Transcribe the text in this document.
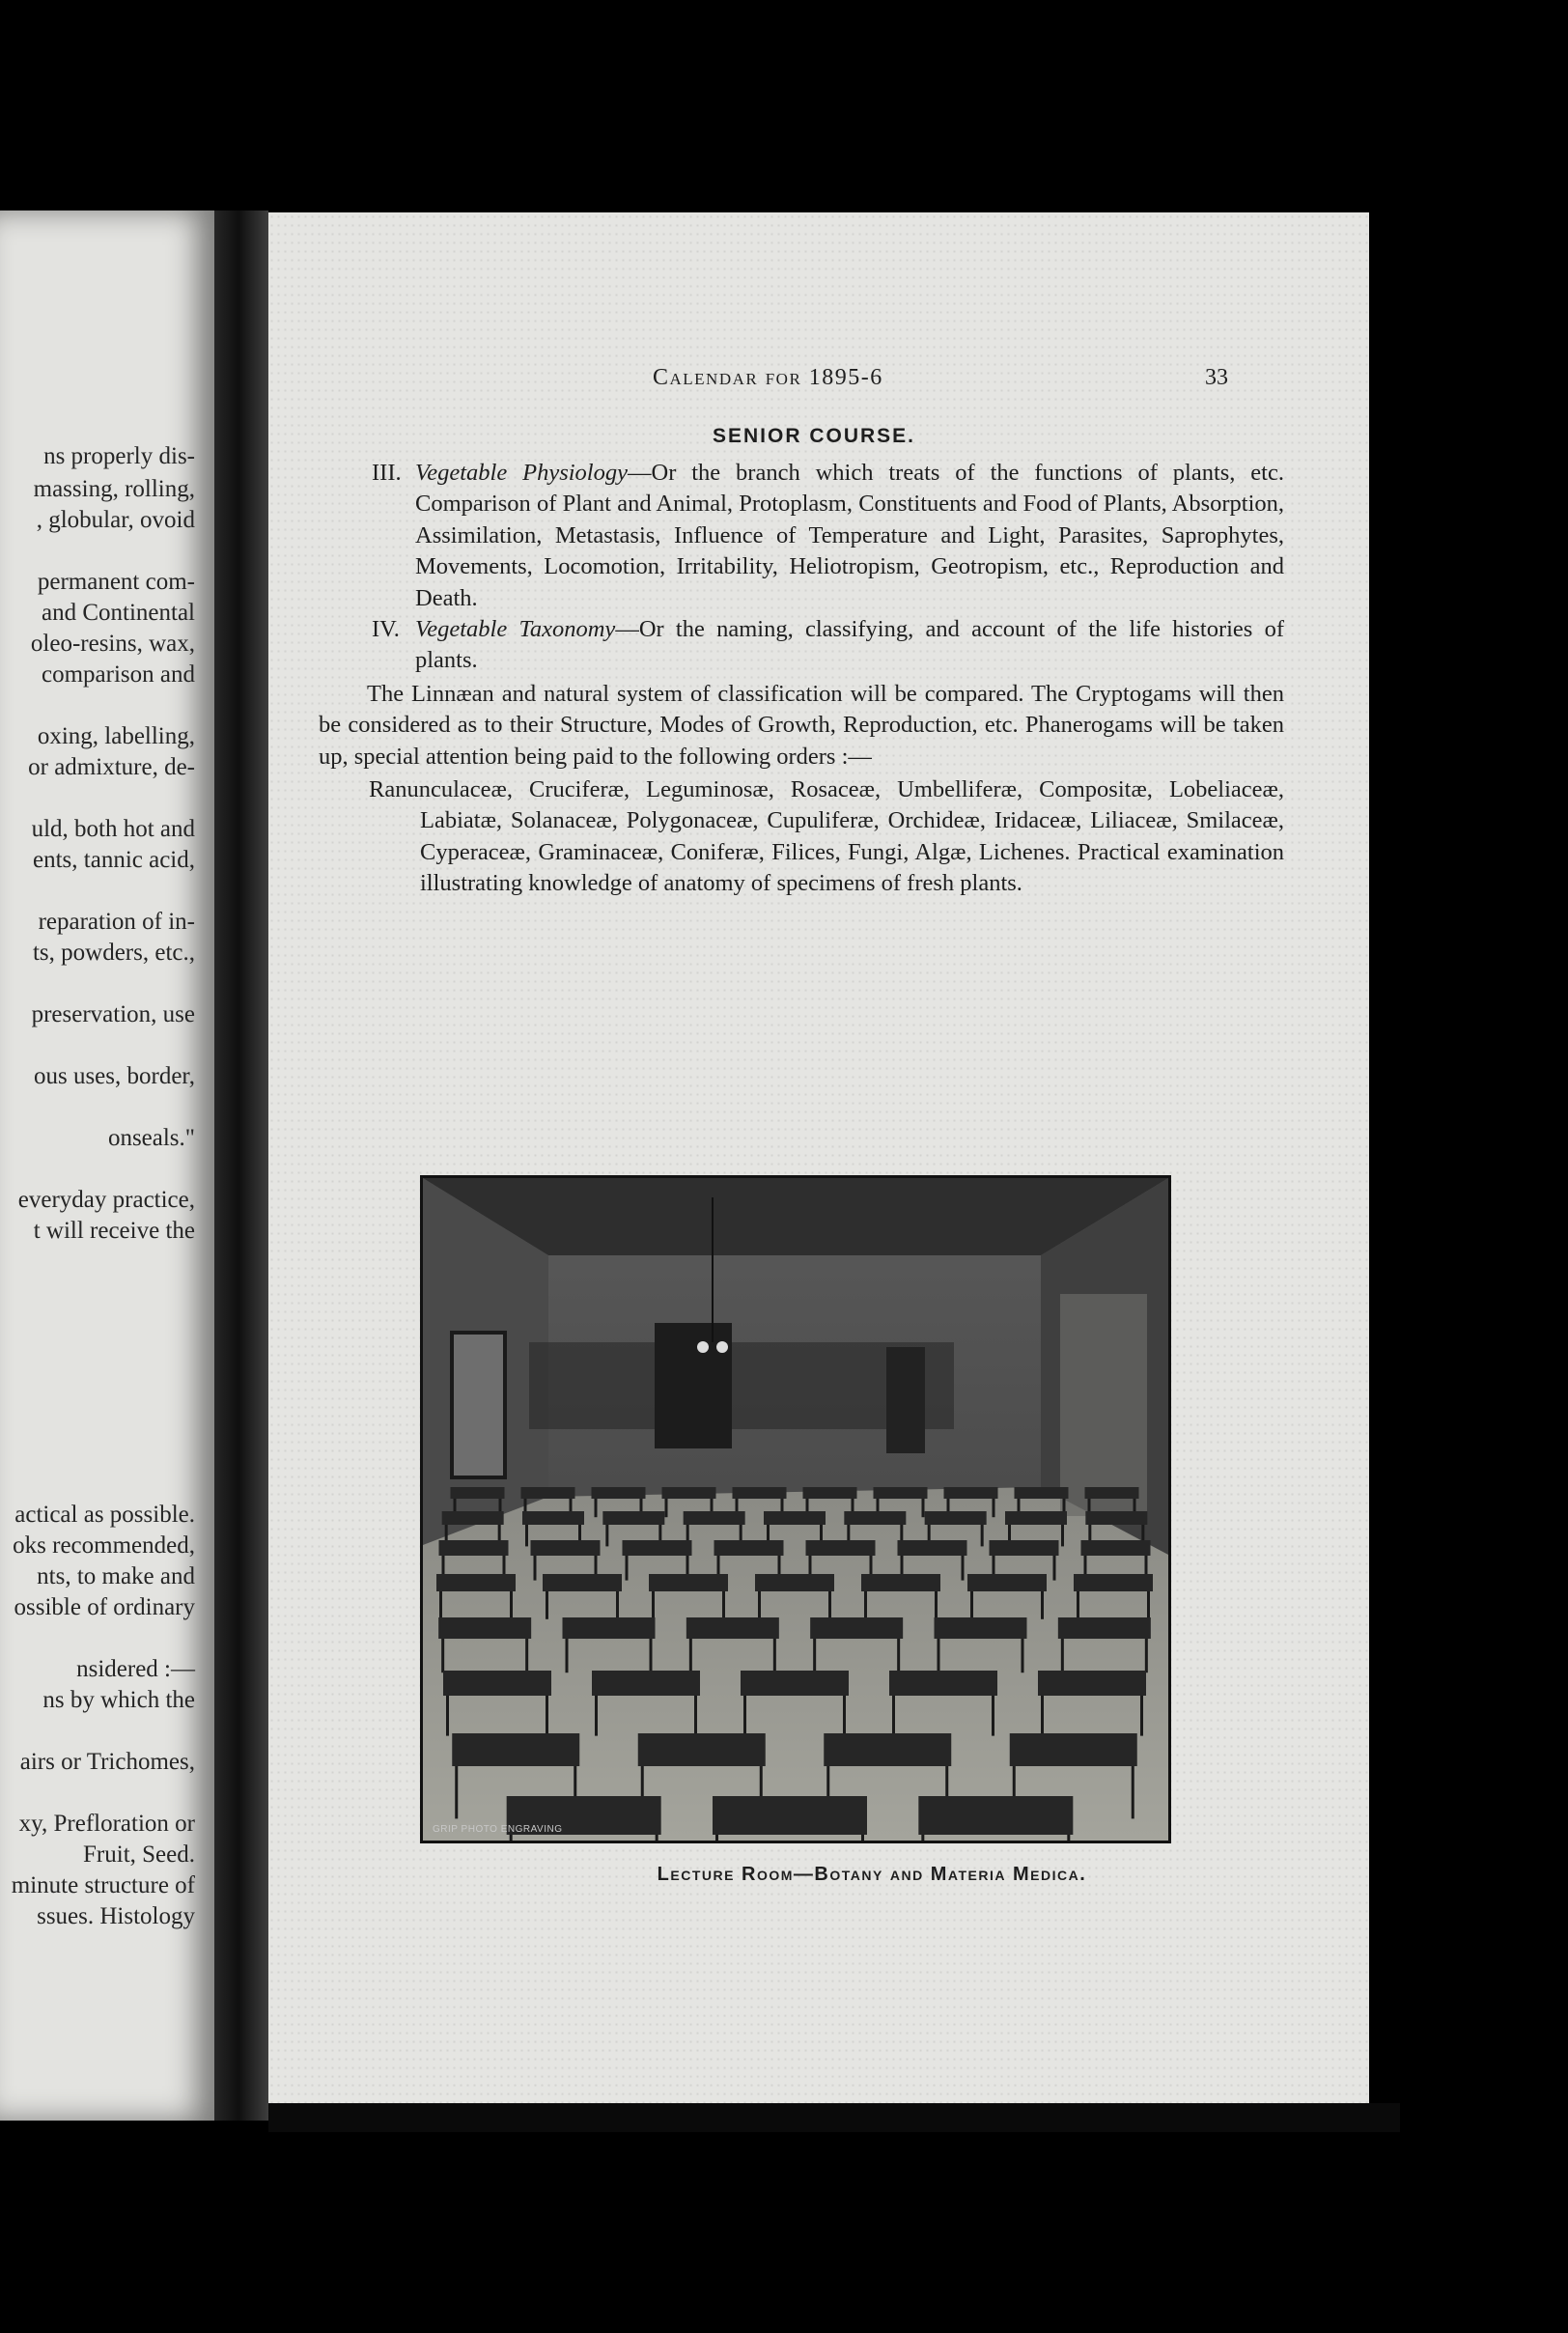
ns properly dis-
massing, rolling,
, globular, ovoid
permanent com-
and Continental
oleo-resins, wax,
comparison and
oxing, labelling,
or admixture, de-
uld, both hot and
ents, tannic acid,
reparation of in-
ts, powders, etc.,
preservation, use
ous uses, border,
onseals."
everyday practice,
t will receive the
actical as possible.
oks recommended,
nts, to make and
ossible of ordinary
nsidered :—
ns by which the
airs or Trichomes,
xy, Prefloration or
Fruit, Seed.
minute structure of
ssues. Histology
Calendar for 1895-6	33
SENIOR COURSE.
III. Vegetable Physiology—Or the branch which treats of the functions of plants, etc. Comparison of Plant and Animal, Protoplasm, Constituents and Food of Plants, Absorption, Assimilation, Metastasis, Influence of Temperature and Light, Parasites, Saprophytes, Movements, Locomotion, Irritability, Heliotropism, Geotropism, etc., Reproduction and Death.
IV. Vegetable Taxonomy—Or the naming, classifying, and account of the life histories of plants.
The Linnæan and natural system of classification will be compared. The Cryptogams will then be considered as to their Structure, Modes of Growth, Reproduction, etc. Phanerogams will be taken up, special attention being paid to the following orders :—
Ranunculaceæ, Cruciferæ, Leguminosæ, Rosaceæ, Umbelliferæ, Compositæ, Lobeliaceæ, Labiatæ, Solanaceæ, Polygonaceæ, Cupuliferæ, Orchideæ, Iridaceæ, Liliaceæ, Smilaceæ, Cyperaceæ, Graminaceæ, Coniferæ, Filices, Fungi, Algæ, Lichenes. Practical examination illustrating knowledge of anatomy of specimens of fresh plants.
GRIP PHOTO ENGRAVING
Lecture Room—Botany and Materia Medica.
